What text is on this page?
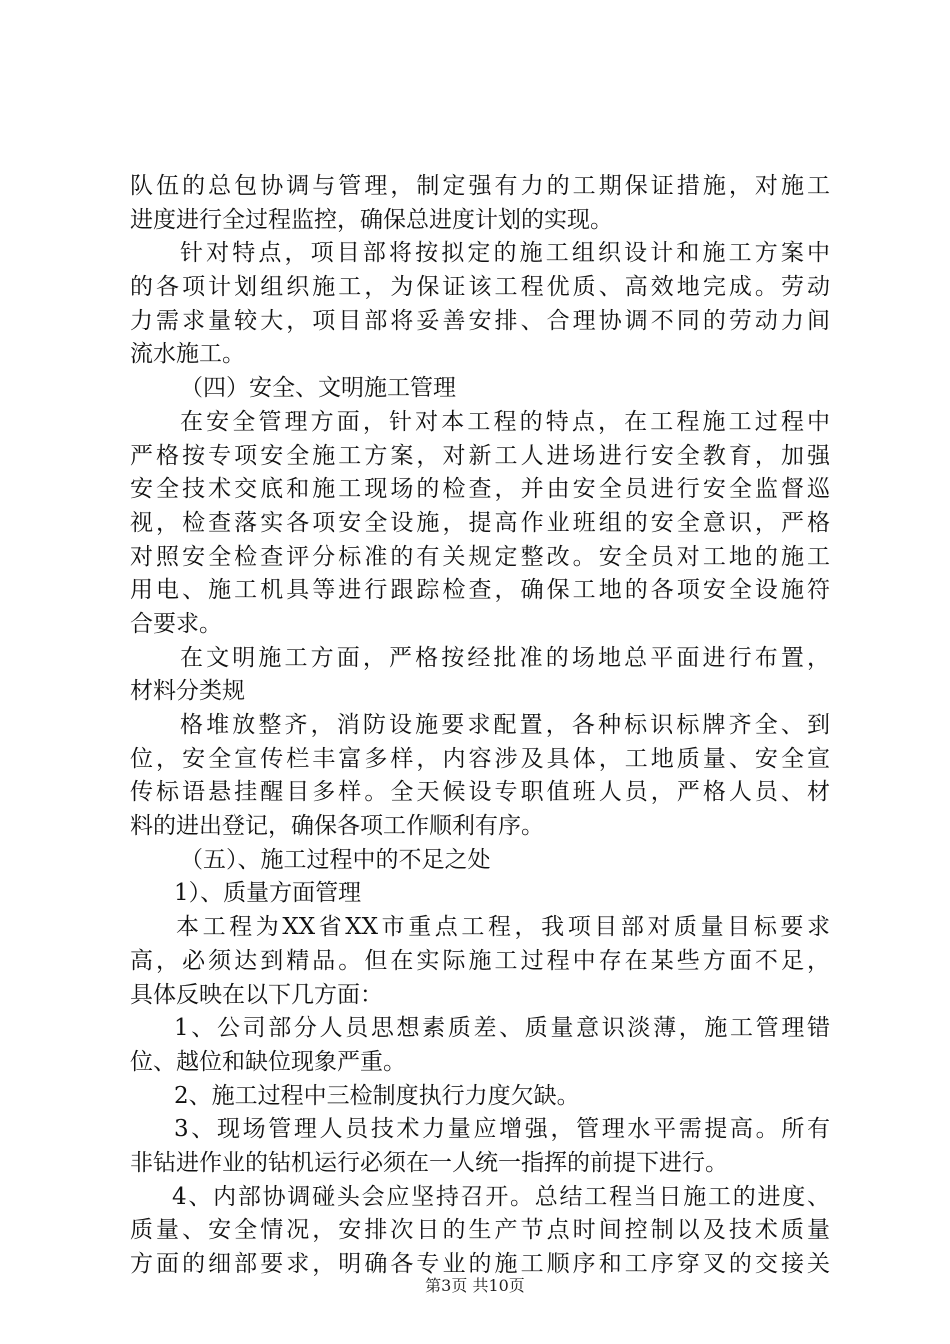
队伍的总包协调与管理，制定强有力的工期保证措施，对施工
进度进行全过程监控，确保总进度计划的实现。
针对特点，项目部将按拟定的施工组织设计和施工方案中
的各项计划组织施工，为保证该工程优质、高效地完成。劳动
力需求量较大，项目部将妥善安排、合理协调不同的劳动力间
流水施工。
（四）安全、文明施工管理
在安全管理方面，针对本工程的特点，在工程施工过程中
严格按专项安全施工方案，对新工人进场进行安全教育，加强
安全技术交底和施工现场的检查，并由安全员进行安全监督巡
视，检查落实各项安全设施，提高作业班组的安全意识，严格
对照安全检查评分标准的有关规定整改。安全员对工地的施工
用电、施工机具等进行跟踪检查，确保工地的各项安全设施符
合要求。
在文明施工方面，严格按经批准的场地总平面进行布置，
材料分类规
格堆放整齐，消防设施要求配置，各种标识标牌齐全、到
位，安全宣传栏丰富多样，内容涉及具体，工地质量、安全宣
传标语悬挂醒目多样。全天候设专职值班人员，严格人员、材
料的进出登记，确保各项工作顺利有序。
（五）、施工过程中的不足之处
1）、质量方面管理
本工程为XX省XX市重点工程，我项目部对质量目标要求
高，必须达到精品。但在实际施工过程中存在某些方面不足，
具体反映在以下几方面：
1、公司部分人员思想素质差、质量意识淡薄，施工管理错
位、越位和缺位现象严重。
2、施工过程中三检制度执行力度欠缺。
3、现场管理人员技术力量应增强，管理水平需提高。所有
非钻进作业的钻机运行必须在一人统一指挥的前提下进行。
4、内部协调碰头会应坚持召开。总结工程当日施工的进度、
质量、安全情况，安排次日的生产节点时间控制以及技术质量
方面的细部要求，明确各专业的施工顺序和工序穿叉的交接关
第3页 共10页
